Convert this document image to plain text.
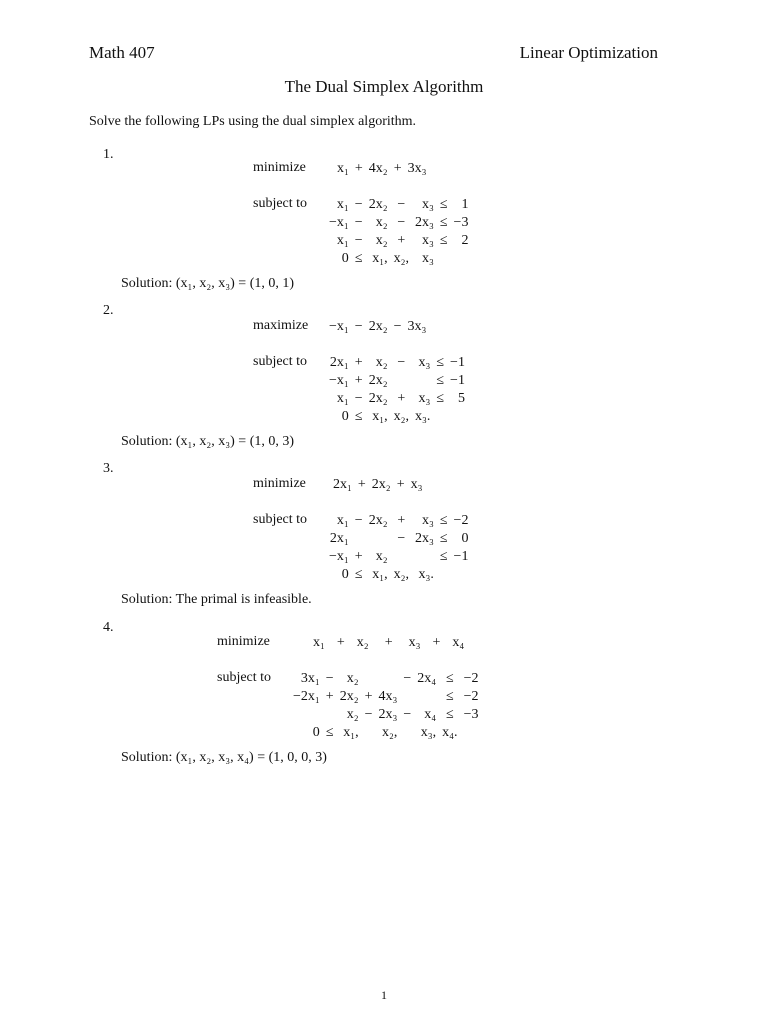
Math 407	Linear Optimization
The Dual Simplex Algorithm
Solve the following LPs using the dual simplex algorithm.
1.
minimize x₁	+	4x₂	+	3x₃
subject to x₁	−	2x₂	−	x₃	≤	1
−x₁	−	x₂	−	2x₃	≤	−3
x₁	−	x₂	+	x₃	≤	2
0	≤	x₁,	x₂,	x₃		
Solution: (x₁, x₂, x₃) = (1, 0, 1)
2.
maximize −x₁	−	2x₂	−	3x₃
subject to 2x₁	+	x₂	−	x₃	≤	−1
−x₁	+	2x₂			≤	−1
x₁	−	2x₂	+	x₃	≤	5
0	≤	x₁,	x₂,	x₃.		
Solution: (x₁, x₂, x₃) = (1, 0, 3)
3.
minimize 2x₁	+	2x₂	+	x₃
subject to x₁	−	2x₂	+	x₃	≤	−2
2x₁			−	2x₃	≤	0
−x₁	+	x₂			≤	−1
0	≤	x₁,	x₂,	x₃.		
Solution: The primal is infeasible.
4.
minimize	x₁	+	x₂	+	x₃	+	x₄
subject to 3x₁	−	x₂			−	2x₄	≤	−2
−2x₁	+	2x₂	+	4x₃			≤	−2
		x₂	−	2x₃	−	x₄	≤	−3
0	≤	x₁,		x₂,		x₃,	x₄.	
Solution: (x₁, x₂, x₃, x₄) = (1, 0, 0, 3)
1
